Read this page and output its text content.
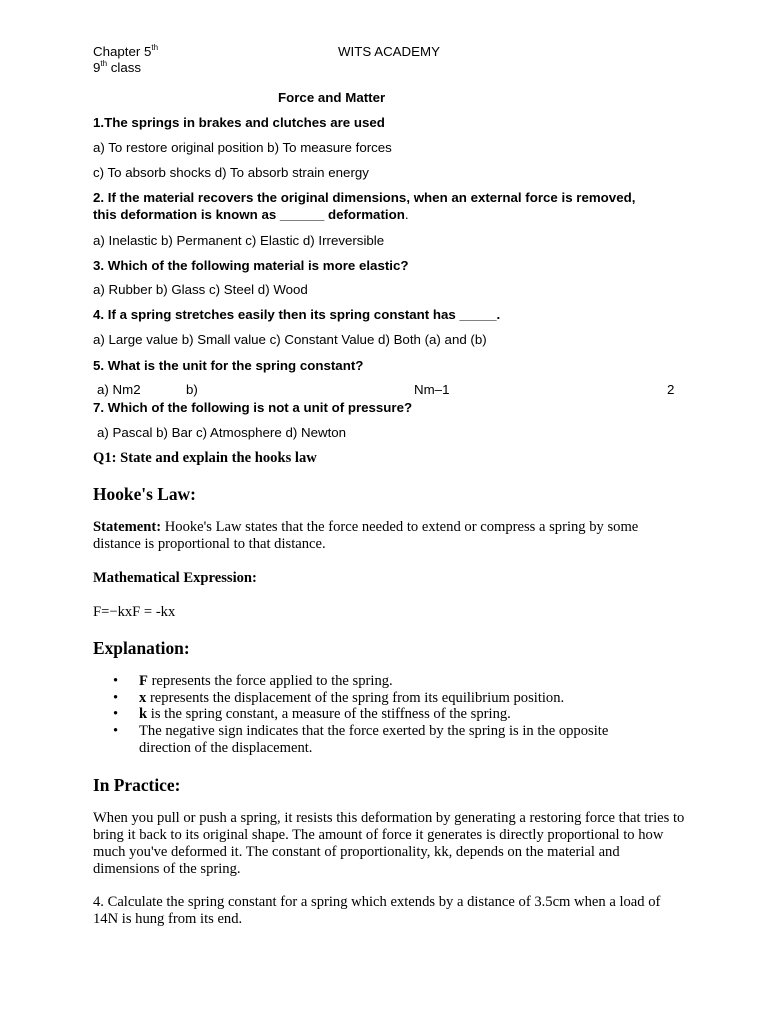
Chapter 5th	WITS ACADEMY
9th class
Force and Matter
1.The springs in brakes and clutches are used
a) To restore original position b) To measure forces
c) To absorb shocks d) To absorb strain energy
2. If the material recovers the original dimensions, when an external force is removed,
this deformation is known as ______ deformation.
a) Inelastic b) Permanent c) Elastic d) Irreversible
3. Which of the following material is more elastic?
a) Rubber b) Glass c) Steel d) Wood
4. If a spring stretches easily then its spring constant has _____.
a) Large value b) Small value c) Constant Value d) Both (a) and (b)
5. What is the unit for the spring constant?
a) Nm2	b)	Nm–1	2
7. Which of the following is not a unit of pressure?
a) Pascal b) Bar c) Atmosphere d) Newton
Q1: State and explain the hooks law
Hooke's Law:
Statement: Hooke's Law states that the force needed to extend or compress a spring by some distance is proportional to that distance.
Mathematical Expression:
F=−kxF = -kx
Explanation:
• F represents the force applied to the spring.
• x represents the displacement of the spring from its equilibrium position.
• k is the spring constant, a measure of the stiffness of the spring.
• The negative sign indicates that the force exerted by the spring is in the opposite direction of the displacement.
In Practice:
When you pull or push a spring, it resists this deformation by generating a restoring force that tries to bring it back to its original shape. The amount of force it generates is directly proportional to how much you've deformed it. The constant of proportionality, kk, depends on the material and dimensions of the spring.
4. Calculate the spring constant for a spring which extends by a distance of 3.5cm when a load of 14N is hung from its end.
